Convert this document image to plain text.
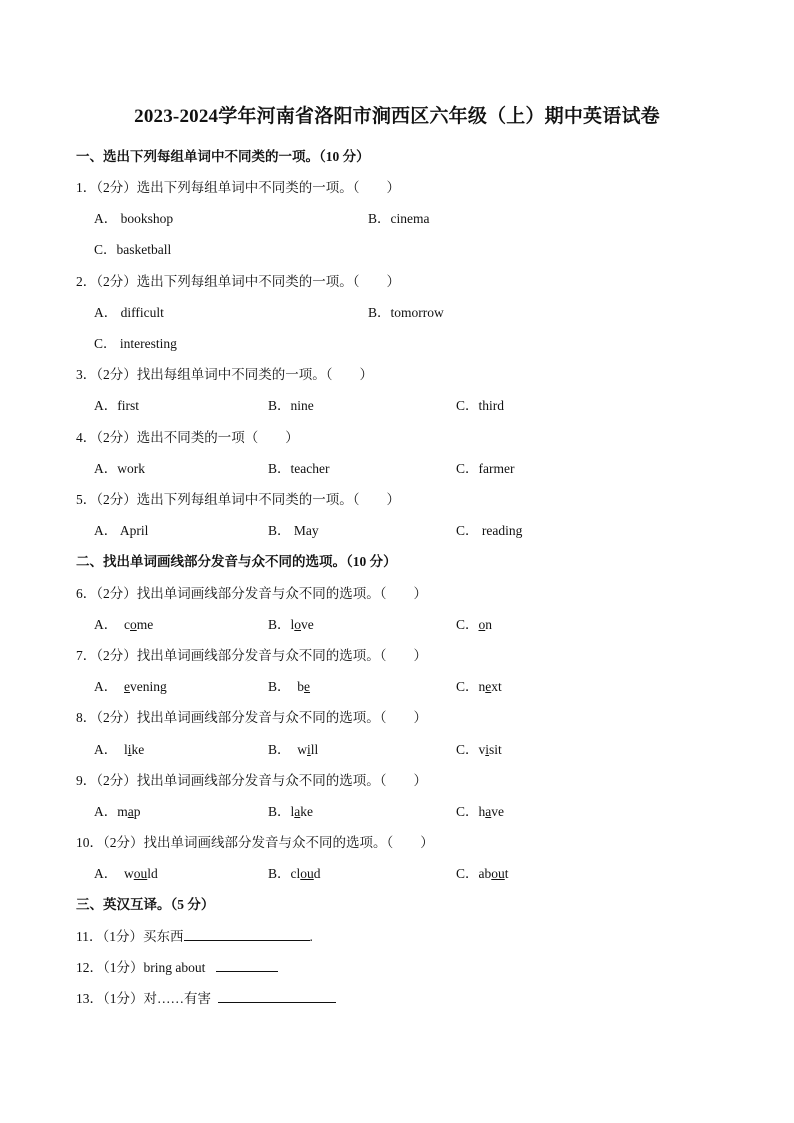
2023-2024学年河南省洛阳市涧西区六年级（上）期中英语试卷
一、选出下列每组单词中不同类的一项。（10 分）
1．（2分）选出下列每组单词中不同类的一项。（　　）
A． bookshop	B．cinema
C．basketball
2．（2分）选出下列每组单词中不同类的一项。（　　）
A． difficult	B．tomorrow
C． interesting
3．（2分）找出每组单词中不同类的一项。（　　）
A．first	B．nine	C．third
4．（2分）选出不同类的一项（　　）
A．work	B．teacher	C．farmer
5．（2分）选出下列每组单词中不同类的一项。（　　）
A． April	B． May	C． reading
二、找出单词画线部分发音与众不同的选项。（10 分）
6．（2分）找出单词画线部分发音与众不同的选项。（　　）
A． come	B．love	C．on
7．（2分）找出单词画线部分发音与众不同的选项。（　　）
A． evening	B． be	C．next
8．（2分）找出单词画线部分发音与众不同的选项。（　　）
A． like	B． will	C．visit
9．（2分）找出单词画线部分发音与众不同的选项。（　　）
A．map	B．lake	C．have
10．（2分）找出单词画线部分发音与众不同的选项。（　　）
A． would	B．cloud	C．about
三、英汉互译。（5 分）
11．（1分）买东西	.
12．（1分）bring about
13．（1分）对……有害
